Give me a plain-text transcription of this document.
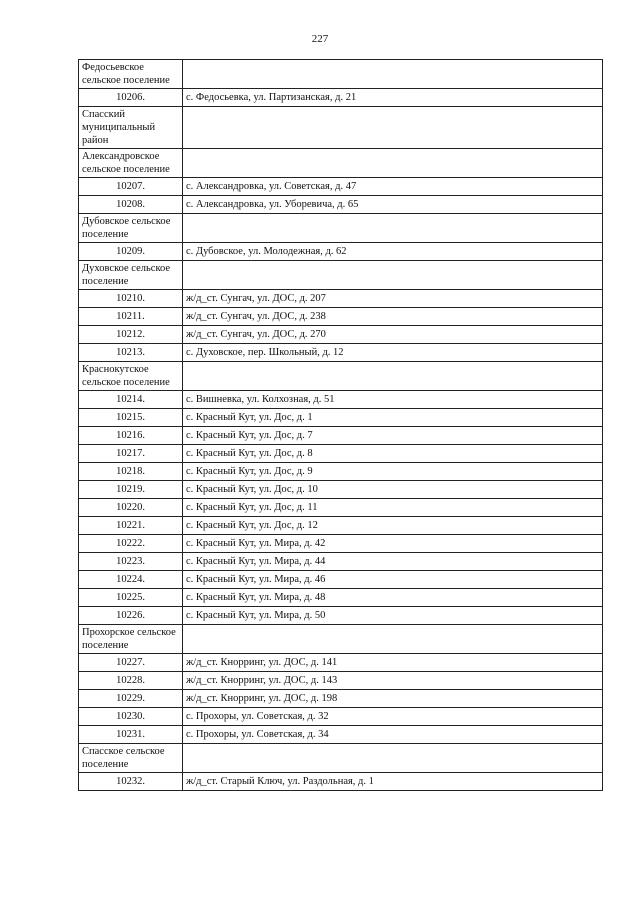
227
Федосьевское сельское поселение	
10206.	с. Федосьевка, ул. Партизанская, д. 21
Спасский муниципальный район	
Александровское сельское поселение	
10207.	с. Александровка, ул. Советская, д. 47
10208.	с. Александровка, ул. Уборевича, д. 65
Дубовское сельское поселение	
10209.	с. Дубовское, ул. Молодежная, д. 62
Духовское сельское поселение	
10210.	ж/д_ст. Сунгач, ул. ДОС, д. 207
10211.	ж/д_ст. Сунгач, ул. ДОС, д. 238
10212.	ж/д_ст. Сунгач, ул. ДОС, д. 270
10213.	с. Духовское, пер. Школьный, д. 12
Краснокутское сельское поселение	
10214.	с. Вишневка, ул. Колхозная, д. 51
10215.	с. Красный Кут, ул. Дос, д. 1
10216.	с. Красный Кут, ул. Дос, д. 7
10217.	с. Красный Кут, ул. Дос, д. 8
10218.	с. Красный Кут, ул. Дос, д. 9
10219.	с. Красный Кут, ул. Дос, д. 10
10220.	с. Красный Кут, ул. Дос, д. 11
10221.	с. Красный Кут, ул. Дос, д. 12
10222.	с. Красный Кут, ул. Мира, д. 42
10223.	с. Красный Кут, ул. Мира, д. 44
10224.	с. Красный Кут, ул. Мира, д. 46
10225.	с. Красный Кут, ул. Мира, д. 48
10226.	с. Красный Кут, ул. Мира, д. 50
Прохорское сельское поселение	
10227.	ж/д_ст. Кнорринг, ул. ДОС, д. 141
10228.	ж/д_ст. Кнорринг, ул. ДОС, д. 143
10229.	ж/д_ст. Кнорринг, ул. ДОС, д. 198
10230.	с. Прохоры, ул. Советская, д. 32
10231.	с. Прохоры, ул. Советская, д. 34
Спасское сельское поселение	
10232.	ж/д_ст. Старый Ключ, ул. Раздольная, д. 1
